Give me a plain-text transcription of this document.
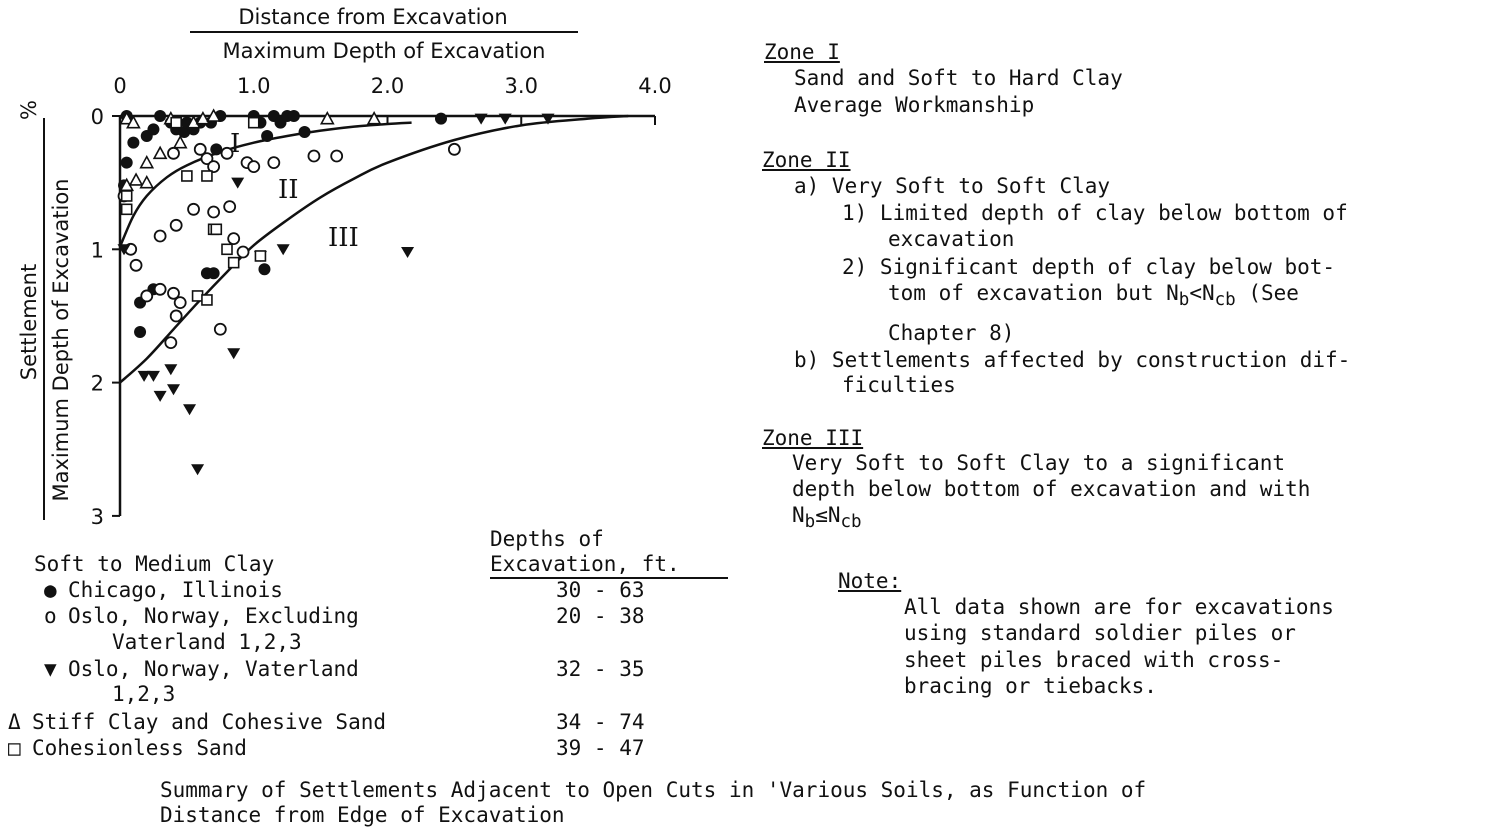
Distance from Excavation
Maximum Depth of Excavation
Settlement
%
Maximum Depth of Excavation
0	1.0	2.0	3.0	4.0
0
1
2
3
I
II
III
Depths of
Excavation, ft.
Soft to Medium Clay
● Chicago, Illinois	30 - 63
o Oslo, Norway, Excluding
Vaterland 1,2,3
20 - 38
▼ Oslo, Norway, Vaterland
1,2,3
32 - 35
Δ Stiff Clay and Cohesive Sand	34 - 74
□ Cohesionless Sand	39 - 47
Summary of Settlements Adjacent to Open Cuts in 'Various Soils, as Function of
Distance from Edge of Excavation
Zone I
Sand and Soft to Hard Clay
Average Workmanship
Zone II
a) Very Soft to Soft Clay
1) Limited depth of clay below bottom of
excavation
2) Significant depth of clay below bot-
tom of excavation but $N_b<N_{cb}$ (See
Chapter 8)
b) Settlements affected by construction dif-
ficulties
Zone III
Very Soft to Soft Clay to a significant
depth below bottom of excavation and with
$N_b\le N_{cb}$
Note:
All data shown are for excavations
using standard soldier piles or
sheet piles braced with cross-
bracing or tiebacks.
